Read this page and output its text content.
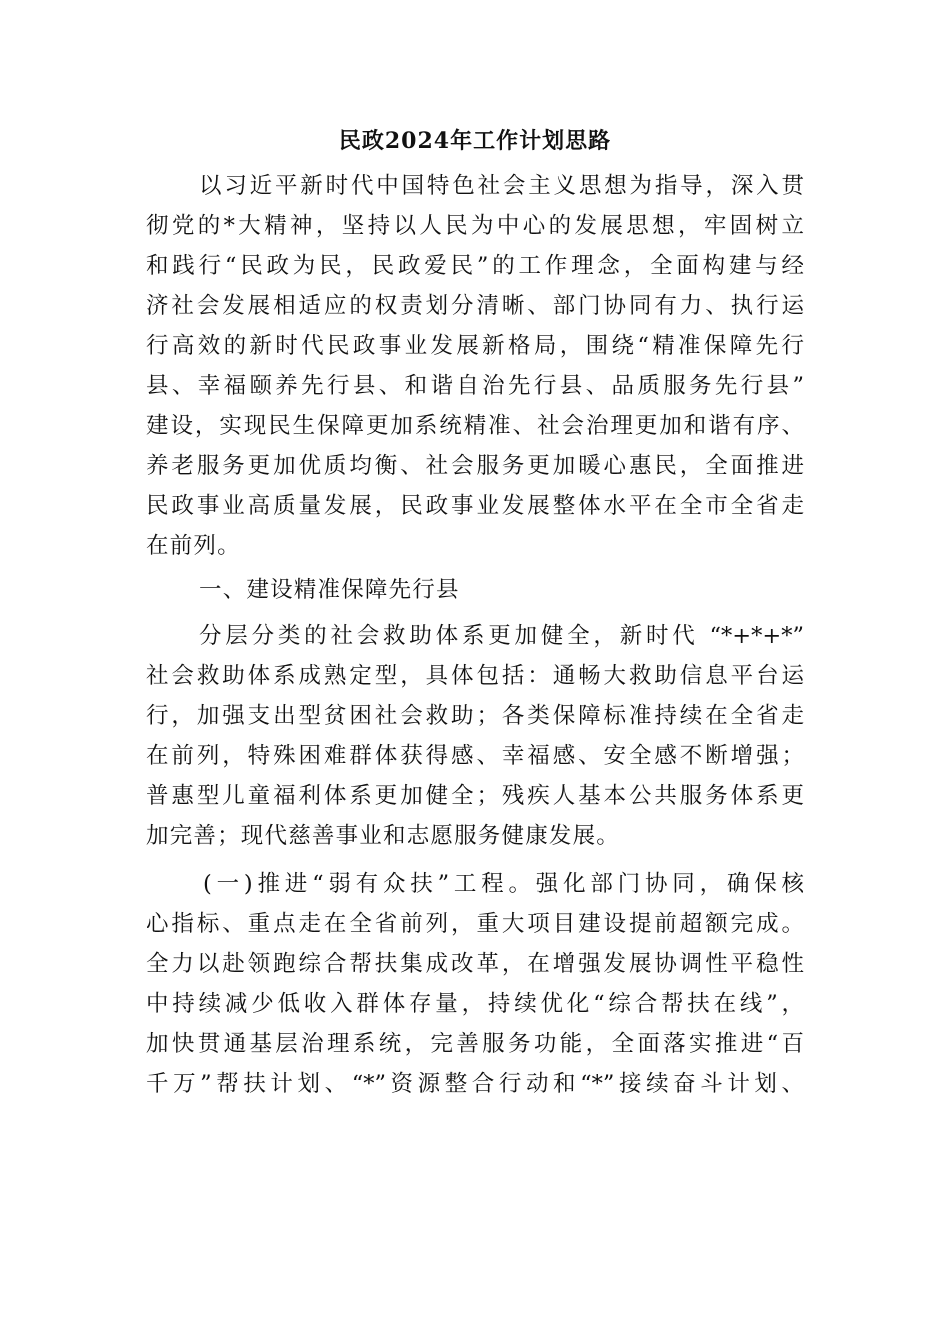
民政2024年工作计划思路
以习近平新时代中国特色社会主义思想为指导，深入贯
彻党的*大精神，坚持以人民为中心的发展思想，牢固树立
和践行“民政为民，民政爱民”的工作理念，全面构建与经
济社会发展相适应的权责划分清晰、部门协同有力、执行运
行高效的新时代民政事业发展新格局，围绕“精准保障先行
县、幸福颐养先行县、和谐自治先行县、品质服务先行县”
建设，实现民生保障更加系统精准、社会治理更加和谐有序、
养老服务更加优质均衡、社会服务更加暖心惠民，全面推进
民政事业高质量发展，民政事业发展整体水平在全市全省走
在前列。
一、建设精准保障先行县
分层分类的社会救助体系更加健全，新时代 “*+*+*”
社会救助体系成熟定型，具体包括：通畅大救助信息平台运
行，加强支出型贫困社会救助；各类保障标准持续在全省走
在前列，特殊困难群体获得感、幸福感、安全感不断增强；
普惠型儿童福利体系更加健全；残疾人基本公共服务体系更
加完善；现代慈善事业和志愿服务健康发展。
(一)推进“弱有众扶”工程。强化部门协同，确保核
心指标、重点走在全省前列，重大项目建设提前超额完成。
全力以赴领跑综合帮扶集成改革，在增强发展协调性平稳性
中持续减少低收入群体存量，持续优化“综合帮扶在线”，
加快贯通基层治理系统，完善服务功能，全面落实推进“百
千万”帮扶计划、“*”资源整合行动和“*”接续奋斗计划、
